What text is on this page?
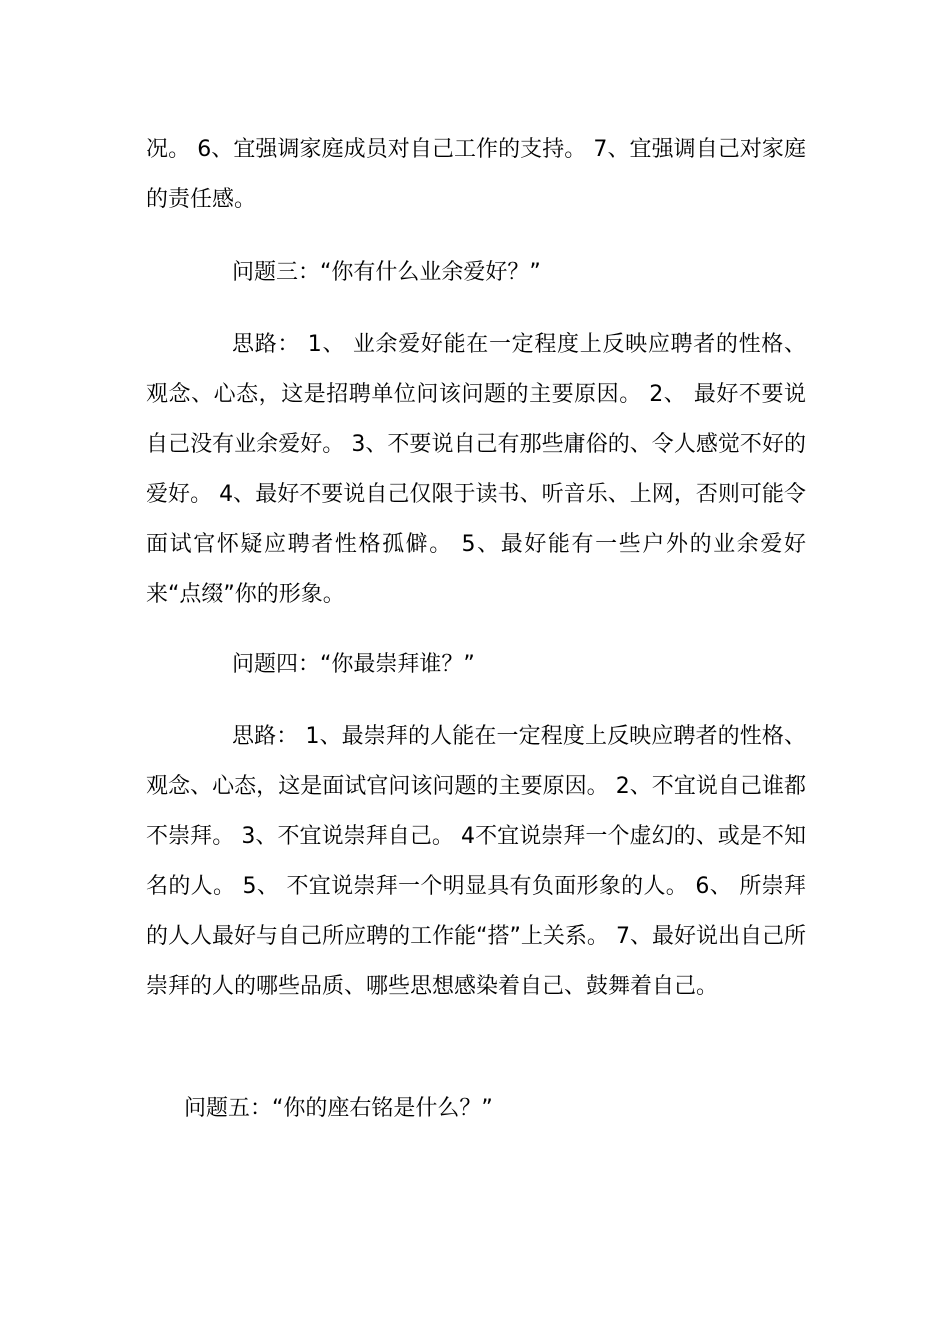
况。 6、宜强调家庭成员对自己工作的支持。 7、宜强调自己对家庭的责任感。

问题三：“你有什么业余爱好？”

思路： 1、 业余爱好能在一定程度上反映应聘者的性格、观念、心态，这是招聘单位问该问题的主要原因。 2、 最好不要说自己没有业余爱好。 3、不要说自己有那些庸俗的、令人感觉不好的爱好。 4、最好不要说自己仅限于读书、听音乐、上网，否则可能令面试官怀疑应聘者性格孤僻。 5、最好能有一些户外的业余爱好来“点缀”你的形象。

问题四：“你最崇拜谁？”

思路： 1、最崇拜的人能在一定程度上反映应聘者的性格、观念、心态，这是面试官问该问题的主要原因。 2、不宜说自己谁都不崇拜。 3、不宜说崇拜自己。 4不宜说崇拜一个虚幻的、或是不知名的人。 5、 不宜说崇拜一个明显具有负面形象的人。 6、 所崇拜的人人最好与自己所应聘的工作能“搭”上关系。 7、最好说出自己所崇拜的人的哪些品质、哪些思想感染着自己、鼓舞着自己。

问题五：“你的座右铭是什么？”
